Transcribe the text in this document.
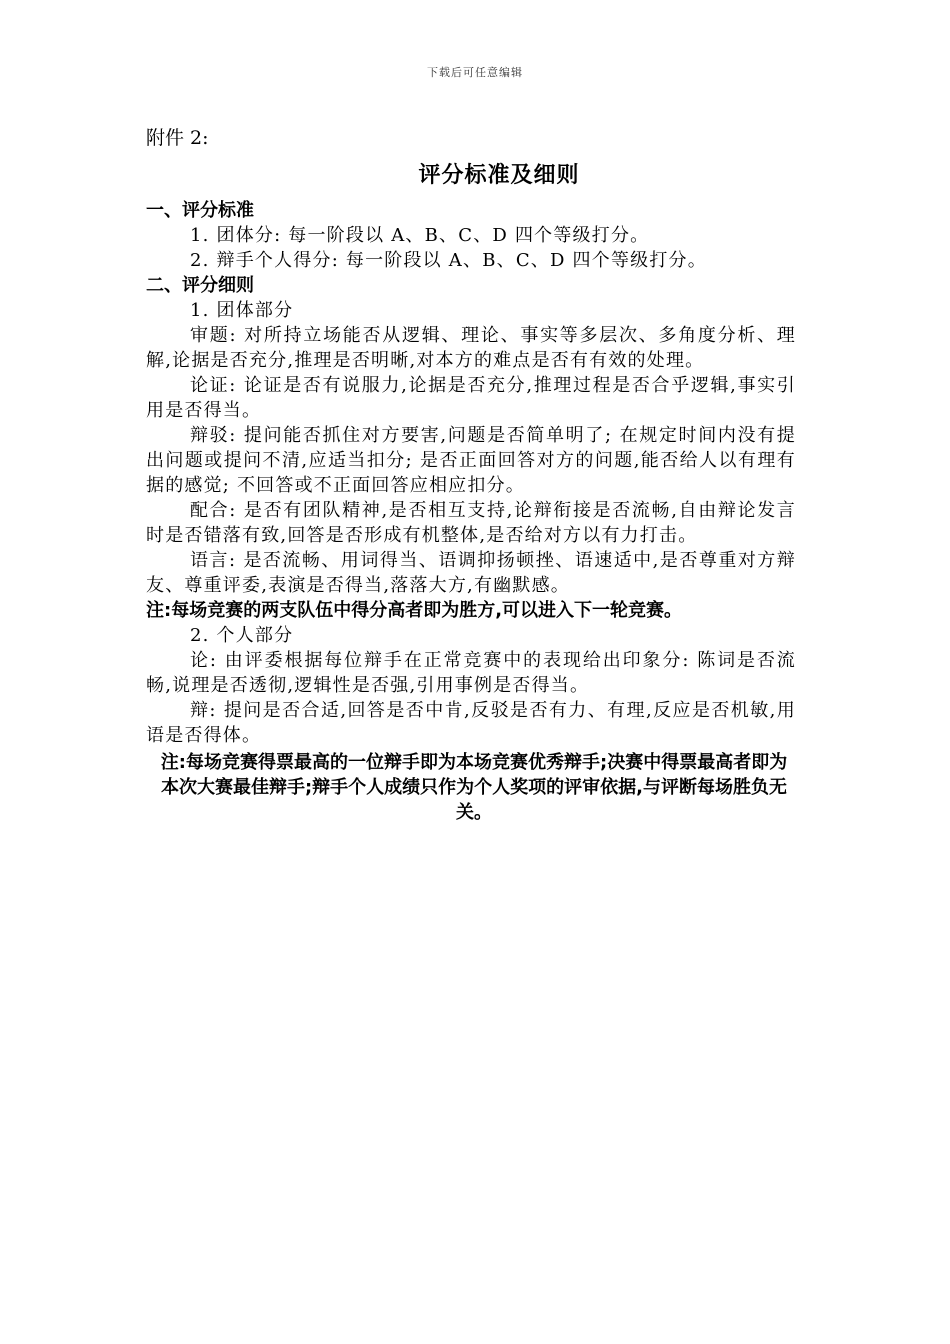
下载后可任意编辑

附件 2:

评分标准及细则

一、评分标准

1. 团体分: 每一阶段以 A、B、C、D 四个等级打分。

2. 辩手个人得分: 每一阶段以 A、B、C、D 四个等级打分。

二、评分细则

1. 团体部分

审题: 对所持立场能否从逻辑、理论、事实等多层次、多角度分析、理解,论据是否充分,推理是否明晰,对本方的难点是否有有效的处理。

论证: 论证是否有说服力,论据是否充分,推理过程是否合乎逻辑,事实引用是否得当。

辩驳: 提问能否抓住对方要害,问题是否简单明了; 在规定时间内没有提出问题或提问不清,应适当扣分; 是否正面回答对方的问题,能否给人以有理有据的感觉; 不回答或不正面回答应相应扣分。

配合: 是否有团队精神,是否相互支持,论辩衔接是否流畅,自由辩论发言时是否错落有致,回答是否形成有机整体,是否给对方以有力打击。

语言: 是否流畅、用词得当、语调抑扬顿挫、语速适中,是否尊重对方辩友、尊重评委,表演是否得当,落落大方,有幽默感。

注:每场竞赛的两支队伍中得分高者即为胜方,可以进入下一轮竞赛。

2. 个人部分

论: 由评委根据每位辩手在正常竞赛中的表现给出印象分: 陈词是否流畅,说理是否透彻,逻辑性是否强,引用事例是否得当。

辩: 提问是否合适,回答是否中肯,反驳是否有力、有理,反应是否机敏,用语是否得体。

注:每场竞赛得票最高的一位辩手即为本场竞赛优秀辩手;决赛中得票最高者即为本次大赛最佳辩手;辩手个人成绩只作为个人奖项的评审依据,与评断每场胜负无关。
